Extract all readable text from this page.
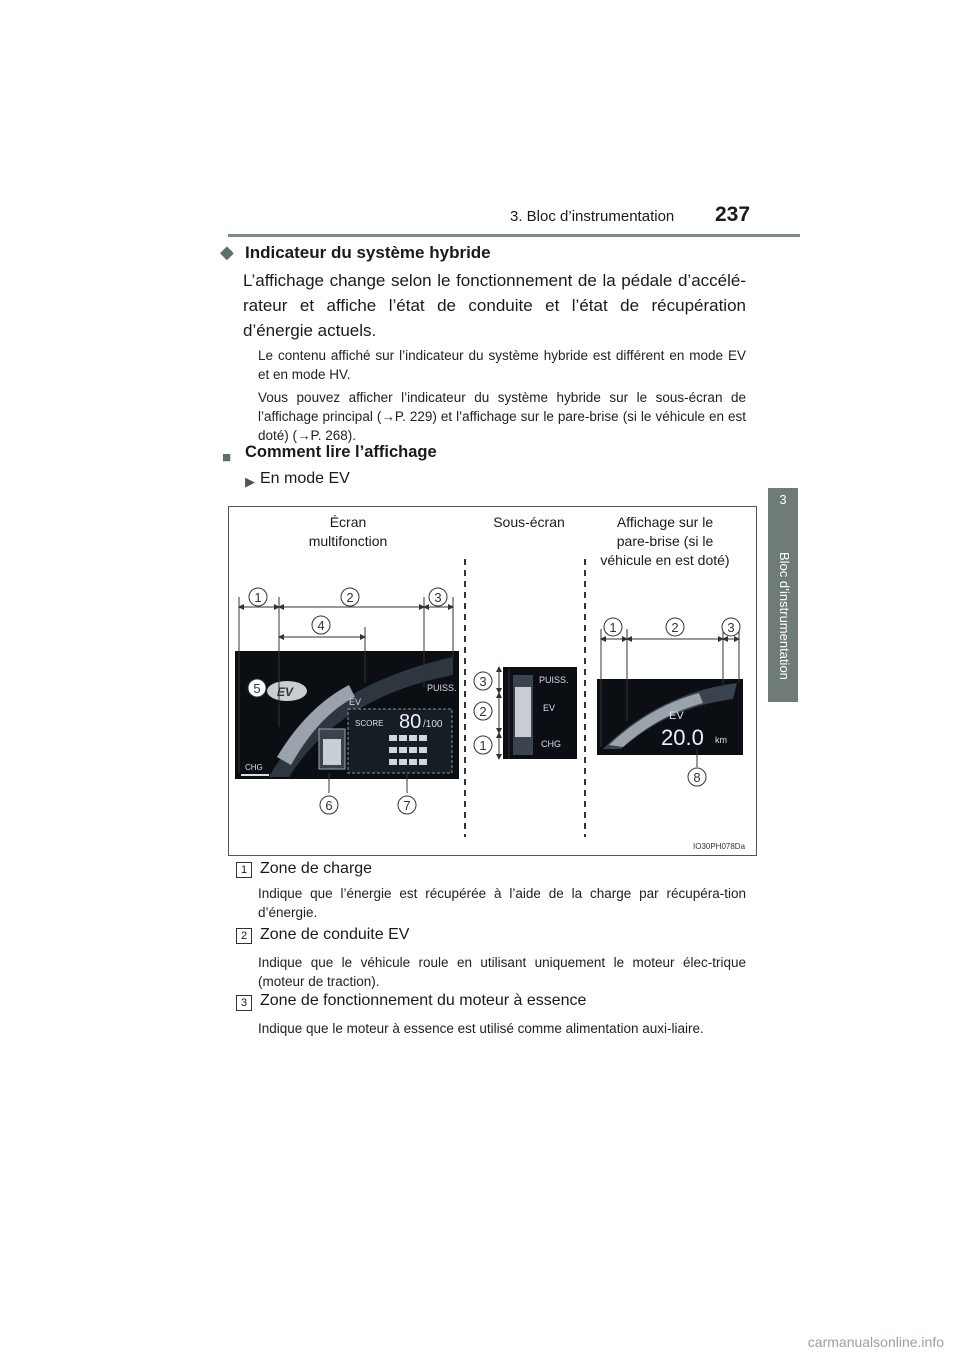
3. Bloc d’instrumentation 237
3
Bloc d’instrumentation
◆ Indicateur du système hybride
L’affichage change selon le fonctionnement de la pédale d’accélé-rateur et affiche l’état de conduite et l’état de récupération d’énergie actuels.
Le contenu affiché sur l’indicateur du système hybride est différent en mode EV et en mode HV.
Vous pouvez afficher l’indicateur du système hybride sur le sous-écran de l’affichage principal (→P. 229) et l’affichage sur le pare-brise (si le véhicule en est doté) (→P. 268).
■ Comment lire l’affichage
▶ En mode EV
EV
EV
PUISS.
CHG
SCORE 80 /100
PUISS.
EV
CHG
EV
20.0 km
1	2	3
4
5
6	7
3
2
1
1	2	3
8
IO30PH078Da
Écran
multifonction
Sous-écran	Affichage sur le
pare-brise (si le
véhicule en est doté)
1 Zone de charge
Indique que l’énergie est récupérée à l’aide de la charge par récupéra-tion d’énergie.
2 Zone de conduite EV
Indique que le véhicule roule en utilisant uniquement le moteur élec-trique (moteur de traction).
3 Zone de fonctionnement du moteur à essence
Indique que le moteur à essence est utilisé comme alimentation auxi-liaire.
carmanualsonline.info
